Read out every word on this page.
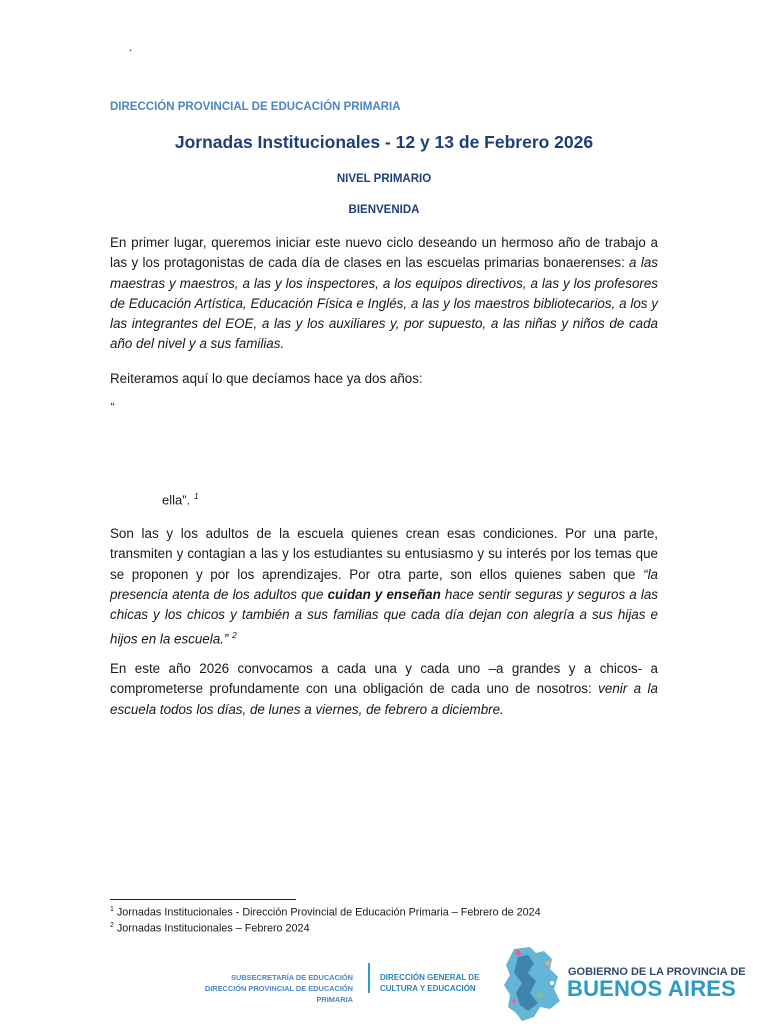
.
DIRECCIÓN PROVINCIAL DE EDUCACIÓN PRIMARIA
Jornadas Institucionales - 12 y 13 de Febrero 2026
NIVEL PRIMARIO
BIENVENIDA
En primer lugar, queremos iniciar este nuevo ciclo deseando un hermoso año de trabajo a las y los protagonistas de cada día de clases en las escuelas primarias bonaerenses: a las maestras y maestros, a las y los inspectores, a los equipos directivos, a las y los profesores de Educación Artística, Educación Física e Inglés, a las y los maestros bibliotecarios, a los y las integrantes del EOE, a las y los auxiliares y, por supuesto, a las niñas y niños de cada año del nivel y a sus familias.
Reiteramos aquí lo que decíamos hace ya dos años:
“
ella”. $^1$
Son las y los adultos de la escuela quienes crean esas condiciones. Por una parte, transmiten y contagian a las y los estudiantes su entusiasmo y su interés por los temas que se proponen y por los aprendizajes. Por otra parte, son ellos quienes saben que “la presencia atenta de los adultos que cuidan y enseñan hace sentir seguras y seguros a las chicas y los chicos y también a sus familias que cada día dejan con alegría a sus hijas e hijos en la escuela.” $^2$
En este año 2026 convocamos a cada una y cada uno –a grandes y a chicos- a comprometerse profundamente con una obligación de cada uno de nosotros: venir a la escuela todos los días, de lunes a viernes, de febrero a diciembre.
$^1$ Jornadas Institucionales - Dirección Provincial de Educación Primaria – Febrero de 2024
$^2$ Jornadas Institucionales – Febrero 2024
SUBSECRETARÍA DE EDUCACIÓN
DIRECCIÓN PROVINCIAL DE EDUCACIÓN PRIMARIA
DIRECCIÓN GENERAL DE
CULTURA Y EDUCACIÓN
GOBIERNO DE LA PROVINCIA DE
BUENOS AIRES
